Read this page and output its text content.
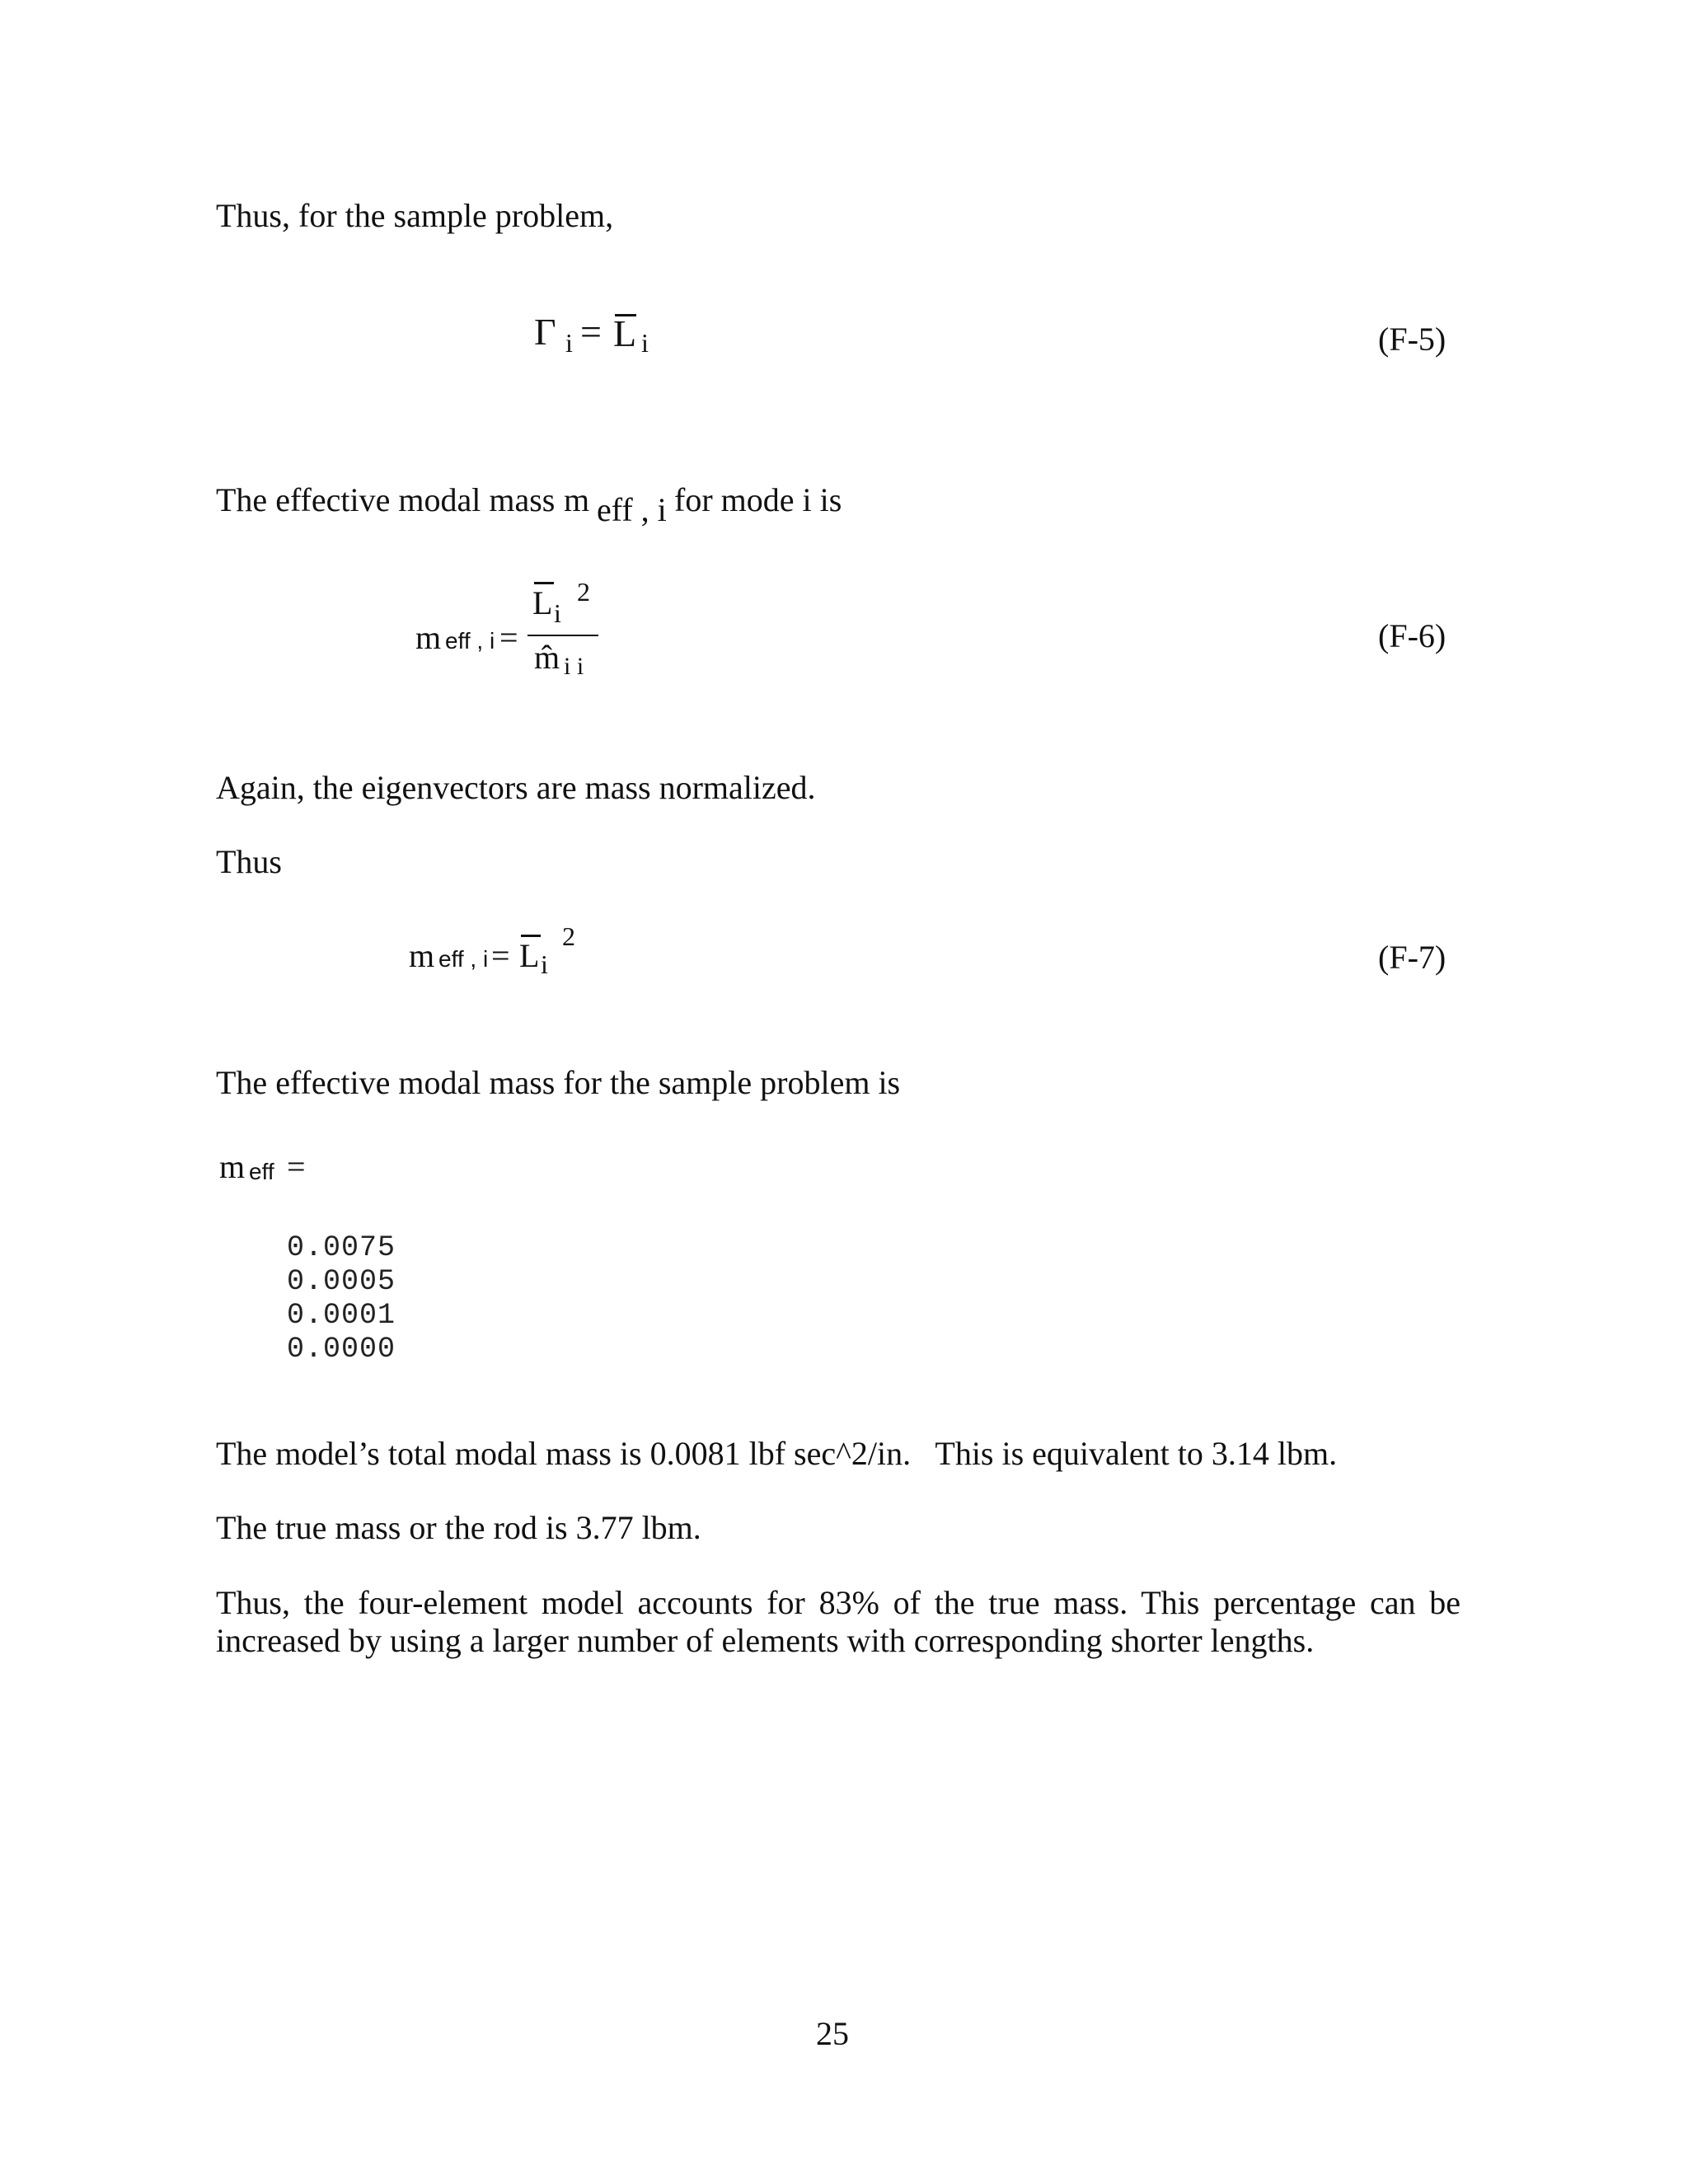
Thus, for the sample problem,
Γ i = L i	(F-5)
The effective modal mass m eff , i for mode i is
m eff , i =
L i
2
m̂ i i
(F-6)
Again, the eigenvectors are mass normalized.
Thus
m eff , i = L i
2
(F-7)
The effective modal mass for the sample problem is
m eff =
0.0075
0.0005
0.0001
0.0000
The model’s total modal mass is 0.0081 lbf sec^2/in.   This is equivalent to 3.14 lbm.
The true mass or the rod is 3.77 lbm.
Thus, the four-element model accounts for 83% of the true mass. This percentage can be
increased by using a larger number of elements with corresponding shorter lengths.
25
